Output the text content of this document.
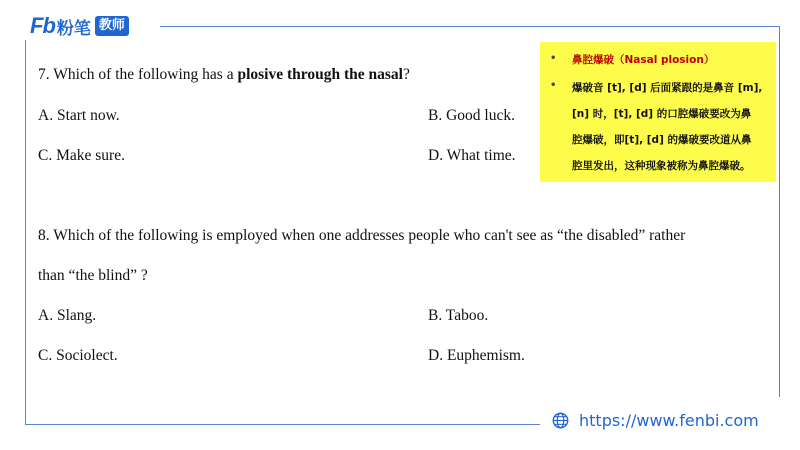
Fb 粉笔 教师
7. Which of the following has a plosive through the nasal?
A. Start now.	B. Good luck.
C. Make sure.	D. What time.
8. Which of the following is employed when one addresses people who can't see as “the disabled” rather
than “the blind” ?
A. Slang.	B. Taboo.
C. Sociolect.	D. Euphemism.
• 鼻腔爆破（Nasal plosion）
• 爆破音 [t], [d] 后面紧跟的是鼻音 [m],
[n] 时，[t], [d] 的口腔爆破要改为鼻
腔爆破，即[t], [d] 的爆破要改道从鼻
腔里发出，这种现象被称为鼻腔爆破。
https://www.fenbi.com
